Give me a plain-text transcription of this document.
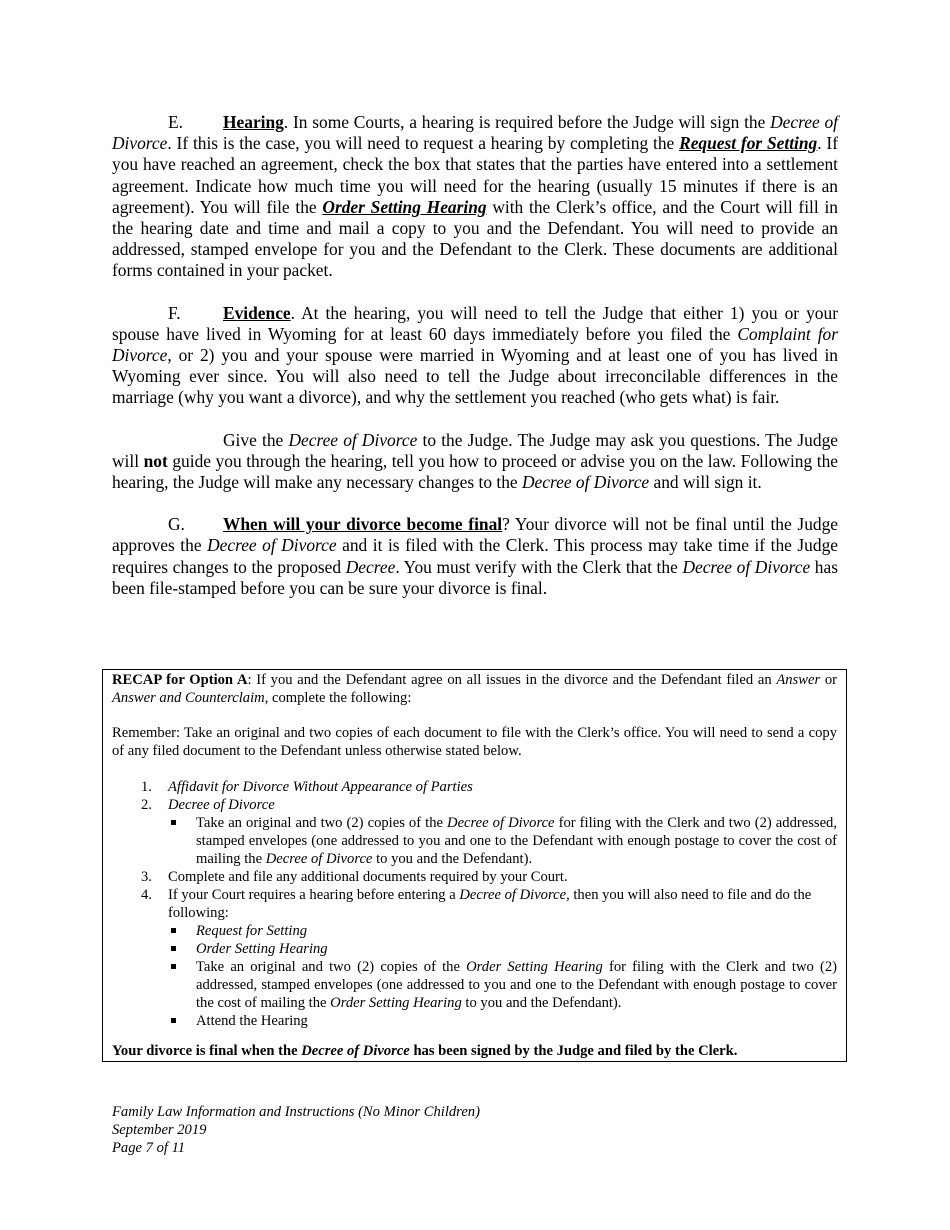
E. Hearing. In some Courts, a hearing is required before the Judge will sign the Decree of Divorce. If this is the case, you will need to request a hearing by completing the Request for Setting. If you have reached an agreement, check the box that states that the parties have entered into a settlement agreement. Indicate how much time you will need for the hearing (usually 15 minutes if there is an agreement). You will file the Order Setting Hearing with the Clerk’s office, and the Court will fill in the hearing date and time and mail a copy to you and the Defendant. You will need to provide an addressed, stamped envelope for you and the Defendant to the Clerk. These documents are additional forms contained in your packet.

F. Evidence. At the hearing, you will need to tell the Judge that either 1) you or your spouse have lived in Wyoming for at least 60 days immediately before you filed the Complaint for Divorce, or 2) you and your spouse were married in Wyoming and at least one of you has lived in Wyoming ever since. You will also need to tell the Judge about irreconcilable differences in the marriage (why you want a divorce), and why the settlement you reached (who gets what) is fair.

Give the Decree of Divorce to the Judge. The Judge may ask you questions. The Judge will not guide you through the hearing, tell you how to proceed or advise you on the law. Following the hearing, the Judge will make any necessary changes to the Decree of Divorce and will sign it.

G. When will your divorce become final? Your divorce will not be final until the Judge approves the Decree of Divorce and it is filed with the Clerk. This process may take time if the Judge requires changes to the proposed Decree. You must verify with the Clerk that the Decree of Divorce has been file-stamped before you can be sure your divorce is final.

RECAP for Option A: If you and the Defendant agree on all issues in the divorce and the Defendant filed an Answer or Answer and Counterclaim, complete the following:

Remember: Take an original and two copies of each document to file with the Clerk’s office. You will need to send a copy of any filed document to the Defendant unless otherwise stated below.

1. Affidavit for Divorce Without Appearance of Parties
2. Decree of Divorce
Take an original and two (2) copies of the Decree of Divorce for filing with the Clerk and two (2) addressed, stamped envelopes (one addressed to you and one to the Defendant with enough postage to cover the cost of mailing the Decree of Divorce to you and the Defendant).
3. Complete and file any additional documents required by your Court.
4. If your Court requires a hearing before entering a Decree of Divorce, then you will also need to file and do the following:
Request for Setting
Order Setting Hearing
Take an original and two (2) copies of the Order Setting Hearing for filing with the Clerk and two (2) addressed, stamped envelopes (one addressed to you and one to the Defendant with enough postage to cover the cost of mailing the Order Setting Hearing to you and the Defendant).
Attend the Hearing
Your divorce is final when the Decree of Divorce has been signed by the Judge and filed by the Clerk.
Family Law Information and Instructions (No Minor Children)
September 2019
Page 7 of 11
